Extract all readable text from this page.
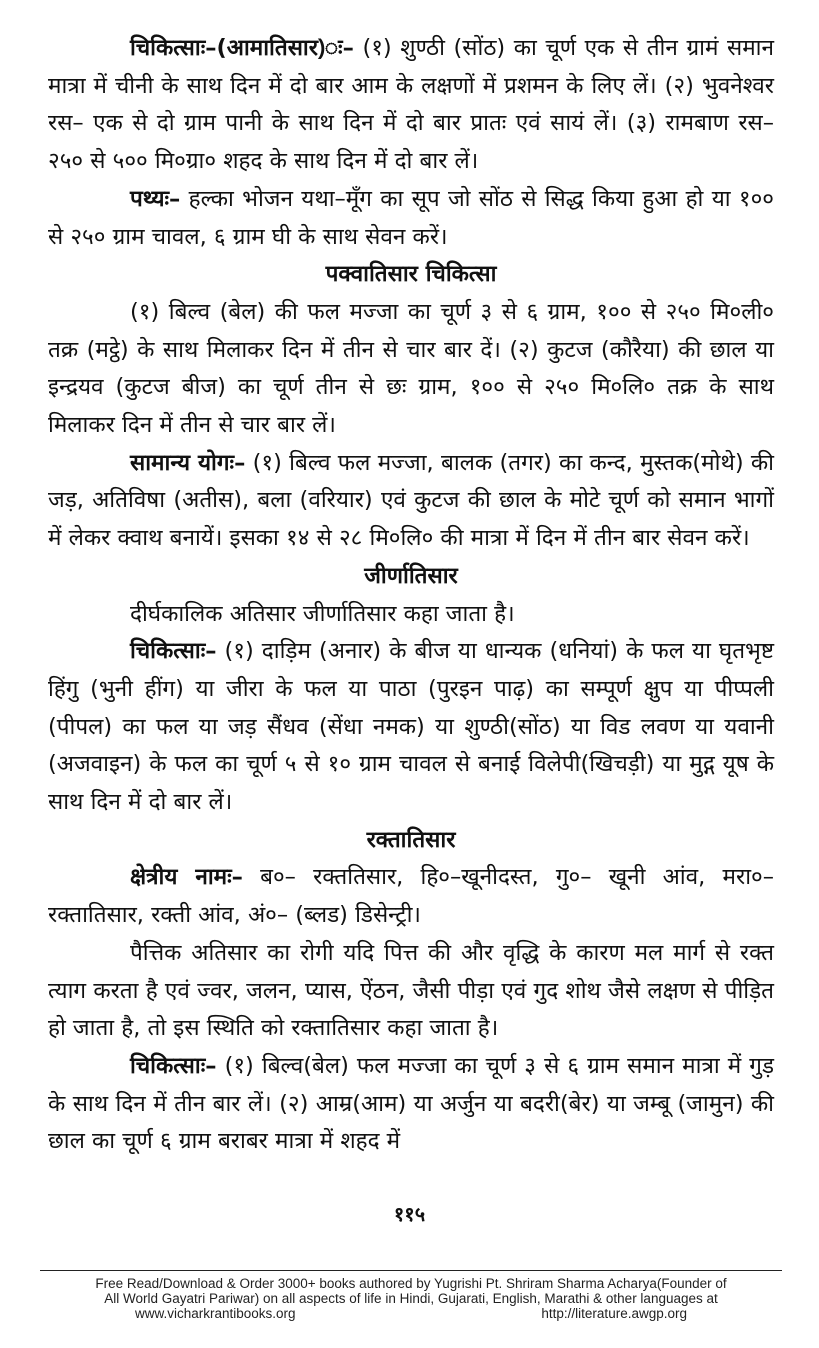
चिकित्साः–(आमातिसार)ः– (१) शुण्ठी (सोंठ) का चूर्ण एक से तीन ग्रामं समान मात्रा में चीनी के साथ दिन में दो बार आम के लक्षणों में प्रशमन के लिए लें। (२) भुवनेश्वर रस– एक से दो ग्राम पानी के साथ दिन में दो बार प्रातः एवं सायं लें। (३) रामबाण रस– २५० से ५०० मि०ग्रा० शहद के साथ दिन में दो बार लें।

पथ्यः– हल्का भोजन यथा–मूँग का सूप जो सोंठ से सिद्ध किया हुआ हो या १०० से २५० ग्राम चावल, ६ ग्राम घी के साथ सेवन करें।

पक्वातिसार चिकित्सा

(१) बिल्व (बेल) की फल मज्जा का चूर्ण ३ से ६ ग्राम, १०० से २५० मि०ली० तक्र (मट्ठे) के साथ मिलाकर दिन में तीन से चार बार दें। (२) कुटज (कौरैया) की छाल या इन्द्रयव (कुटज बीज) का चूर्ण तीन से छः ग्राम, १०० से २५० मि०लि० तक्र के साथ मिलाकर दिन में तीन से चार बार लें।

सामान्य योगः– (१) बिल्व फल मज्जा, बालक (तगर) का कन्द, मुस्तक(मोथे) की जड़, अतिविषा (अतीस), बला (वरियार) एवं कुटज की छाल के मोटे चूर्ण को समान भागों में लेकर क्वाथ बनायें। इसका १४ से २८ मि०लि० की मात्रा में दिन में तीन बार सेवन करें।

जीर्णातिसार

दीर्घकालिक अतिसार जीर्णातिसार कहा जाता है।

चिकित्साः– (१) दाड़िम (अनार) के बीज या धान्यक (धनियां) के फल या घृतभृष्ट हिंगु (भुनी हींग) या जीरा के फल या पाठा (पुरइन पाढ़) का सम्पूर्ण क्षुप या पीप्पली (पीपल) का फल या जड़ सैंधव (सेंधा नमक) या शुण्ठी(सोंठ) या विड लवण या यवानी (अजवाइन) के फल का चूर्ण ५ से १० ग्राम चावल से बनाई विलेपी(खिचड़ी) या मुद्ग यूष के साथ दिन में दो बार लें।

रक्तातिसार

क्षेत्रीय नामः– ब०– रक्ततिसार, हि०–खूनीदस्त, गु०– खूनी आंव, मरा०– रक्तातिसार, रक्ती आंव, अं०– (ब्लड) डिसेन्ट्री।

पैत्तिक अतिसार का रोगी यदि पित्त की और वृद्धि के कारण मल मार्ग से रक्त त्याग करता है एवं ज्वर, जलन, प्यास, ऐंठन, जैसी पीड़ा एवं गुद शोथ जैसे लक्षण से पीड़ित हो जाता है, तो इस स्थिति को रक्तातिसार कहा जाता है।

चिकित्साः– (१) बिल्व(बेल) फल मज्जा का चूर्ण ३ से ६ ग्राम समान मात्रा में गुड़ के साथ दिन में तीन बार लें। (२) आम्र(आम) या अर्जुन या बदरी(बेर) या जम्बू (जामुन) की छाल का चूर्ण ६ ग्राम बराबर मात्रा में शहद में

११५
Free Read/Download & Order 3000+ books authored by Yugrishi Pt. Shriram Sharma Acharya(Founder of
All World Gayatri Pariwar) on all aspects of life in Hindi, Gujarati, English, Marathi & other languages at
www.vicharkrantibooks.org	http://literature.awgp.org
